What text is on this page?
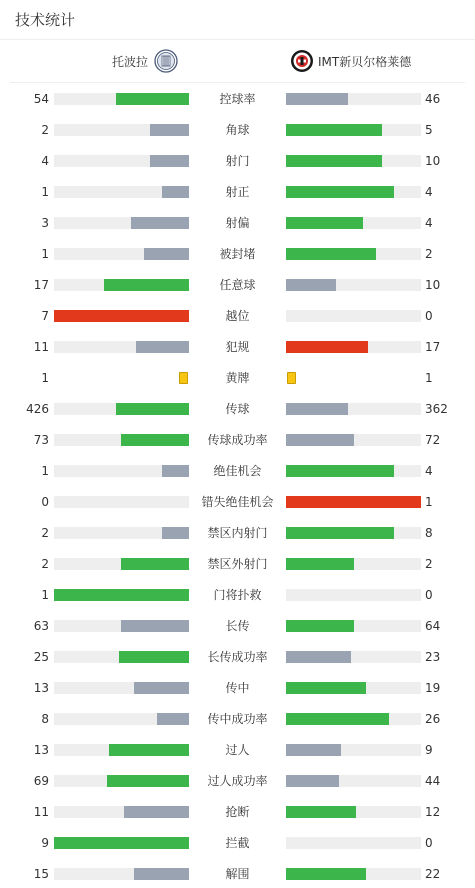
技术统计
托波拉	IMT新贝尔格莱德
54	控球率	46
2	角球	5
4	射门	10
1	射正	4
3	射偏	4
1	被封堵	2
17	任意球	10
7	越位	0
11	犯规	17
1	黄牌	1
426	传球	362
73	传球成功率	72
1	绝佳机会	4
0	错失绝佳机会	1
2	禁区内射门	8
2	禁区外射门	2
1	门将扑救	0
63	长传	64
25	长传成功率	23
13	传中	19
8	传中成功率	26
13	过人	9
69	过人成功率	44
11	抢断	12
9	拦截	0
15	解围	22
